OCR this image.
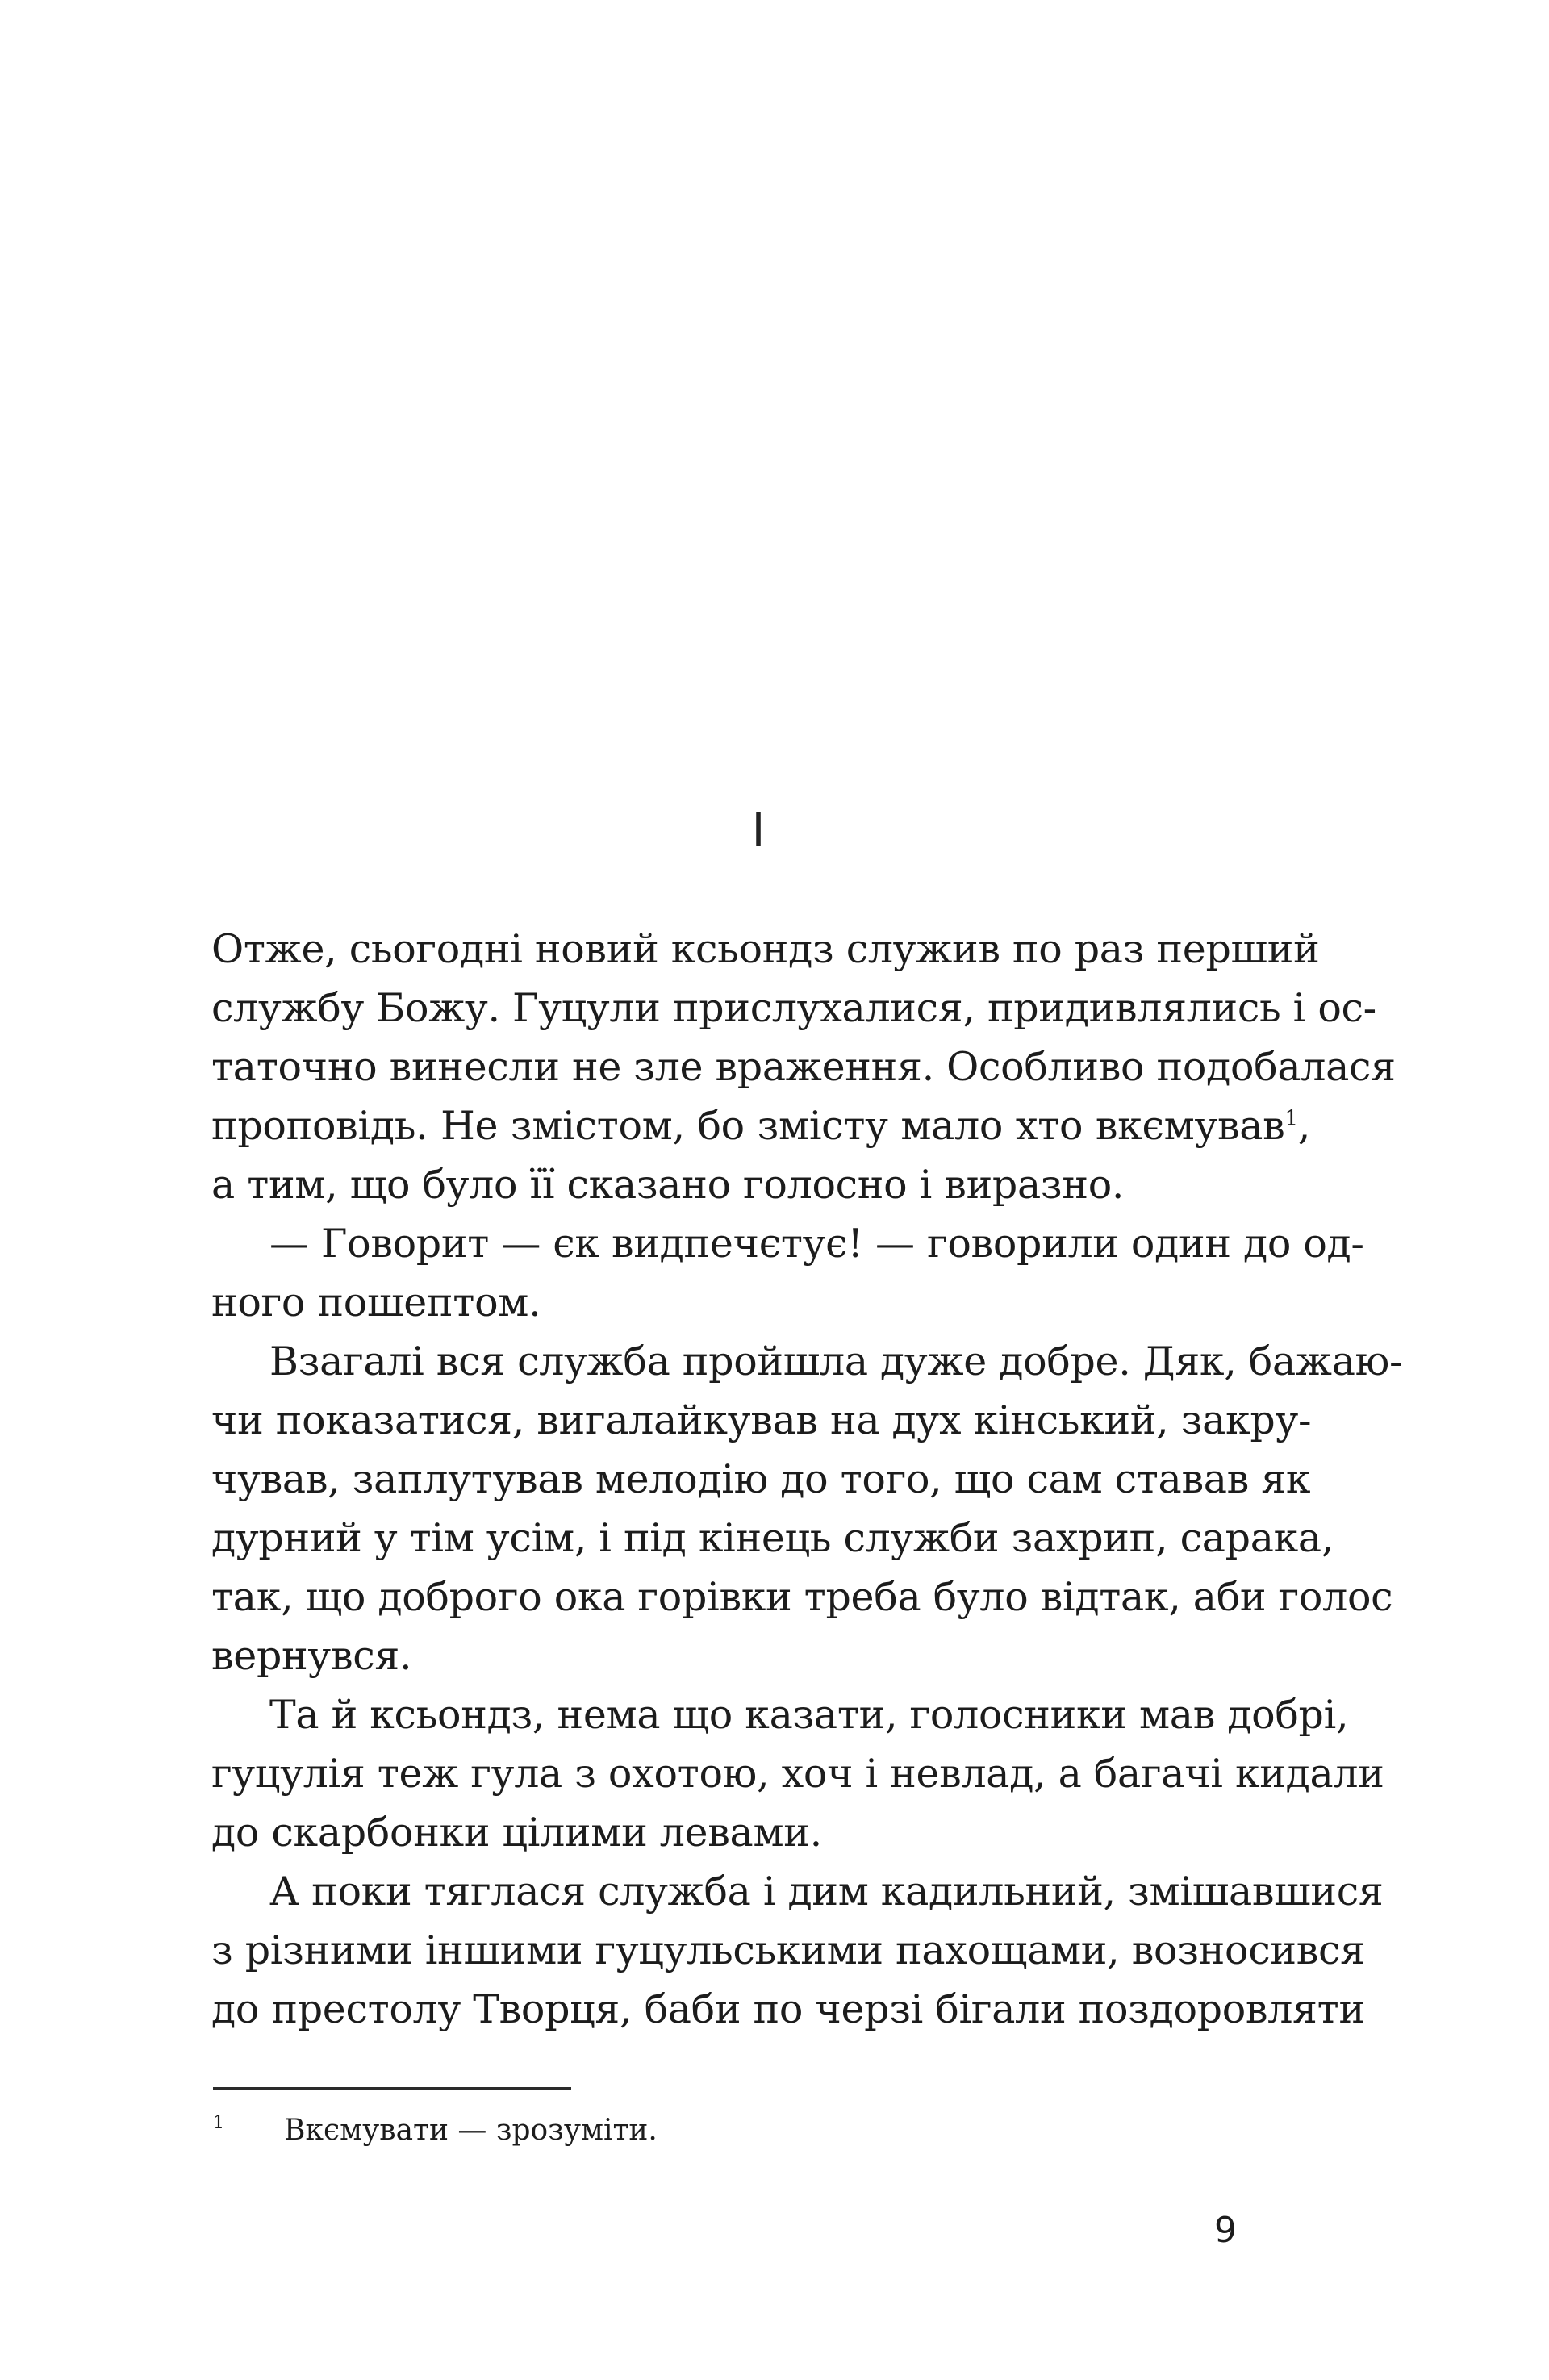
I
Отже, сьогодні новий ксьондз служив по раз перший
службу Божу. Гуцули прислухалися, придивлялись і ос-
таточно винесли не зле враження. Особливо подобалася
проповідь. Не змістом, бо змісту мало хто вкємував$^1$,
а тим, що було її сказано голосно і виразно.
— Говорит — єк видпечєтує! — говорили один до од-
ного пошептом.
Взагалі вся служба пройшла дуже добре. Дяк, бажаю-
чи показатися, вигалайкував на дух кінський, закру-
чував, заплутував мелодію до того, що сам ставав як
дурний у тім усім, і під кінець служби захрип, сарака,
так, що доброго ока горівки треба було відтак, аби голос
вернувся.
Та й ксьондз, нема що казати, голосники мав добрі,
гуцулія теж гула з охотою, хоч і невлад, а багачі кидали
до скарбонки цілими левами.
А поки тяглася служба і дим кадильний, змішавшися
з різними іншими гуцульськими пахощами, возносився
до престолу Творця, баби по черзі бігали поздоровляти
1 Вкємувати — зрозуміти.
9
